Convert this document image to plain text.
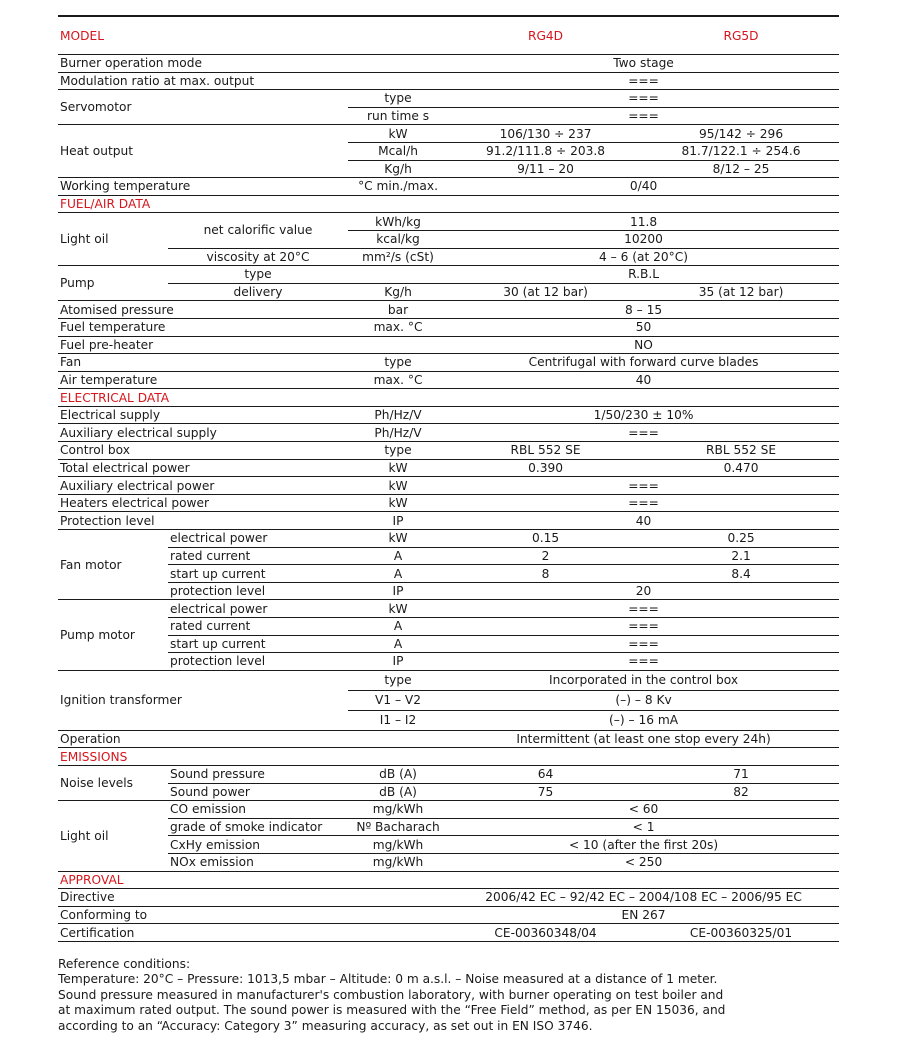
MODEL			RG4D	RG5D
Burner operation mode			Two stage	
Modulation ratio at max. output			===	
Servomotor		type	===	
		run time s	===	
Heat output		kW	106/130 ÷ 237	95/142 ÷ 296
		Mcal/h	91.2/111.8 ÷ 203.8	81.7/122.1 ÷ 254.6
		Kg/h	9/11 – 20	8/12 – 25
Working temperature		°C min./max.	0/40	
FUEL/AIR DATA				
Light oil	net calorific value	kWh/kg	11.8	
		kcal/kg	10200	
	viscosity at 20°C	mm²/s (cSt)	4 – 6 (at 20°C)	
Pump	type		R.B.L	
	delivery	Kg/h	30 (at 12 bar)	35 (at 12 bar)
Atomised pressure		bar	8 – 15	
Fuel temperature		max. °C	50	
Fuel pre-heater			NO	
Fan		type	Centrifugal with forward curve blades	
Air temperature		max. °C	40	
ELECTRICAL DATA				
Electrical supply		Ph/Hz/V	1/50/230 ± 10%	
Auxiliary electrical supply		Ph/Hz/V	===	
Control box		type	RBL 552 SE	RBL 552 SE
Total electrical power		kW	0.390	0.470
Auxiliary electrical power		kW	===	
Heaters electrical power		kW	===	
Protection level		IP	40	
Fan motor	electrical power	kW	0.15	0.25
	rated current	A	2	2.1
	start up current	A	8	8.4
	protection level	IP	20	
Pump motor	electrical power	kW	===	
	rated current	A	===	
	start up current	A	===	
	protection level	IP	===	
Ignition transformer		type	Incorporated in the control box	
		V1 – V2	(–) – 8 Kv	
		I1 – I2	(–) – 16 mA	
Operation			Intermittent (at least one stop every 24h)	
EMISSIONS				
Noise levels	Sound pressure	dB (A)	64	71
	Sound power	dB (A)	75	82
Light oil	CO emission	mg/kWh	< 60	
	grade of smoke indicator	Nº Bacharach	< 1	
	CxHy emission	mg/kWh	< 10 (after the first 20s)	
	NOx emission	mg/kWh	< 250	
APPROVAL				
Directive			2006/42 EC – 92/42 EC – 2004/108 EC – 2006/95 EC	
Conforming to			EN 267	
Certification			CE-00360348/04	CE-00360325/01
Reference conditions:
Temperature: 20°C – Pressure: 1013,5 mbar – Altitude: 0 m a.s.l. – Noise measured at a distance of 1 meter.
Sound pressure measured in manufacturer's combustion laboratory, with burner operating on test boiler and
at maximum rated output. The sound power is measured with the “Free Field” method, as per EN 15036, and
according to an “Accuracy: Category 3” measuring accuracy, as set out in EN ISO 3746.
